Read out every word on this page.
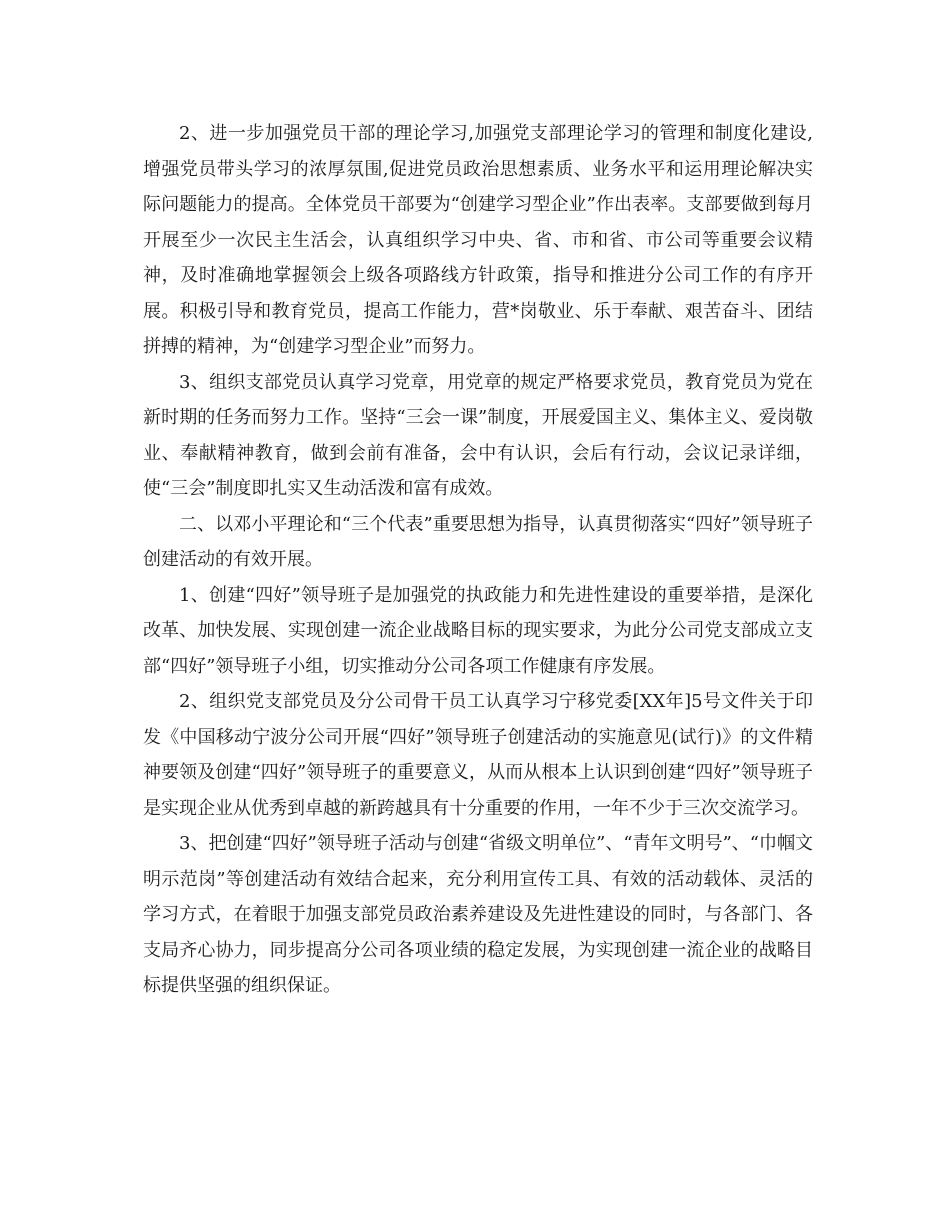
2、进一步加强党员干部的理论学习,加强党支部理论学习的管理和制度化建设,增强党员带头学习的浓厚氛围,促进党员政治思想素质、业务水平和运用理论解决实际问题能力的提高。全体党员干部要为“创建学习型企业”作出表率。支部要做到每月开展至少一次民主生活会，认真组织学习中央、省、市和省、市公司等重要会议精神，及时准确地掌握领会上级各项路线方针政策，指导和推进分公司工作的有序开展。积极引导和教育党员，提高工作能力，营*岗敬业、乐于奉献、艰苦奋斗、团结拼搏的精神，为“创建学习型企业”而努力。

3、组织支部党员认真学习党章，用党章的规定严格要求党员，教育党员为党在新时期的任务而努力工作。坚持“三会一课”制度，开展爱国主义、集体主义、爱岗敬业、奉献精神教育，做到会前有准备，会中有认识，会后有行动，会议记录详细，使“三会”制度即扎实又生动活泼和富有成效。

二、以邓小平理论和“三个代表”重要思想为指导，认真贯彻落实“四好”领导班子创建活动的有效开展。

1、创建“四好”领导班子是加强党的执政能力和先进性建设的重要举措，是深化改革、加快发展、实现创建一流企业战略目标的现实要求，为此分公司党支部成立支部“四好”领导班子小组，切实推动分公司各项工作健康有序发展。

2、组织党支部党员及分公司骨干员工认真学习宁移党委[XX年]5号文件关于印发《中国移动宁波分公司开展“四好”领导班子创建活动的实施意见(试行)》的文件精神要领及创建“四好”领导班子的重要意义，从而从根本上认识到创建“四好”领导班子是实现企业从优秀到卓越的新跨越具有十分重要的作用，一年不少于三次交流学习。

3、把创建“四好”领导班子活动与创建“省级文明单位”、“青年文明号”、“巾帼文明示范岗”等创建活动有效结合起来，充分利用宣传工具、有效的活动载体、灵活的学习方式，在着眼于加强支部党员政治素养建设及先进性建设的同时，与各部门、各支局齐心协力，同步提高分公司各项业绩的稳定发展，为实现创建一流企业的战略目标提供坚强的组织保证。
